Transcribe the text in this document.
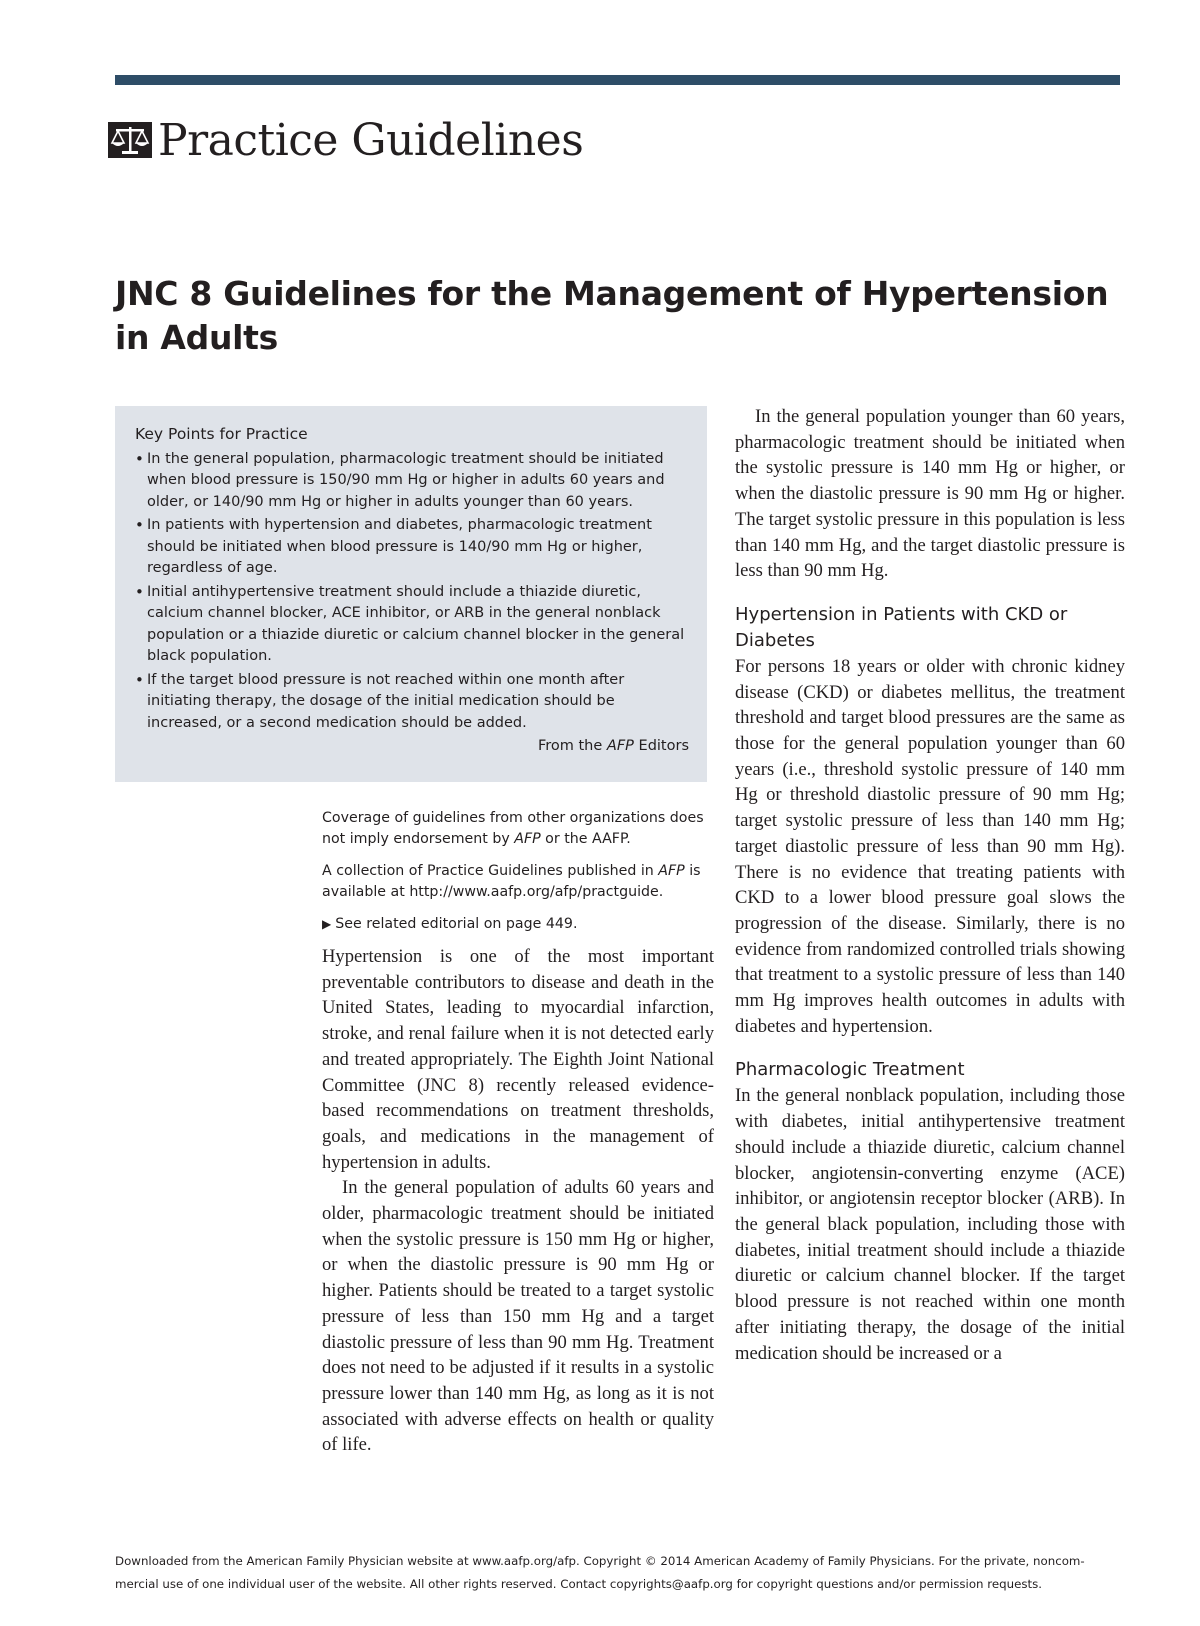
Practice Guidelines
JNC 8 Guidelines for the Management of Hypertension in Adults
Key Points for Practice
• In the general population, pharmacologic treatment should be initiated when blood pressure is 150/90 mm Hg or higher in adults 60 years and older, or 140/90 mm Hg or higher in adults younger than 60 years.
• In patients with hypertension and diabetes, pharmacologic treatment should be initiated when blood pressure is 140/90 mm Hg or higher, regardless of age.
• Initial antihypertensive treatment should include a thiazide diuretic, calcium channel blocker, ACE inhibitor, or ARB in the general nonblack population or a thiazide diuretic or calcium channel blocker in the general black population.
• If the target blood pressure is not reached within one month after initiating therapy, the dosage of the initial medication should be increased, or a second medication should be added.
From the AFP Editors

Coverage of guidelines from other organizations does not imply endorsement by AFP or the AAFP.

A collection of Practice Guidelines published in AFP is available at http://www.aafp.org/afp/practguide.

▶ See related editorial on page 449.

Hypertension is one of the most important preventable contributors to disease and death in the United States, leading to myocardial infarction, stroke, and renal failure when it is not detected early and treated appropriately. The Eighth Joint National Committee (JNC 8) recently released evidence-based recommendations on treatment thresholds, goals, and medications in the management of hypertension in adults.

In the general population of adults 60 years and older, pharmacologic treatment should be initiated when the systolic pressure is 150 mm Hg or higher, or when the diastolic pressure is 90 mm Hg or higher. Patients should be treated to a target systolic pressure of less than 150 mm Hg and a target diastolic pressure of less than 90 mm Hg. Treatment does not need to be adjusted if it results in a systolic pressure lower than 140 mm Hg, as long as it is not associated with adverse effects on health or quality of life.

In the general population younger than 60 years, pharmacologic treatment should be initiated when the systolic pressure is 140 mm Hg or higher, or when the diastolic pressure is 90 mm Hg or higher. The target systolic pressure in this population is less than 140 mm Hg, and the target diastolic pressure is less than 90 mm Hg.

Hypertension in Patients with CKD or Diabetes

For persons 18 years or older with chronic kidney disease (CKD) or diabetes mellitus, the treatment threshold and target blood pressures are the same as those for the general population younger than 60 years (i.e., threshold systolic pressure of 140 mm Hg or threshold diastolic pressure of 90 mm Hg; target systolic pressure of less than 140 mm Hg; target diastolic pressure of less than 90 mm Hg). There is no evidence that treating patients with CKD to a lower blood pressure goal slows the progression of the disease. Similarly, there is no evidence from randomized controlled trials showing that treatment to a systolic pressure of less than 140 mm Hg improves health outcomes in adults with diabetes and hypertension.

Pharmacologic Treatment

In the general nonblack population, including those with diabetes, initial antihypertensive treatment should include a thiazide diuretic, calcium channel blocker, angiotensin-converting enzyme (ACE) inhibitor, or angiotensin receptor blocker (ARB). In the general black population, including those with diabetes, initial treatment should include a thiazide diuretic or calcium channel blocker. If the target blood pressure is not reached within one month after initiating therapy, the dosage of the initial medication should be increased or a

Downloaded from the American Family Physician website at www.aafp.org/afp. Copyright © 2014 American Academy of Family Physicians. For the private, noncom-

mercial use of one individual user of the website. All other rights reserved. Contact copyrights@aafp.org for copyright questions and/or permission requests.
